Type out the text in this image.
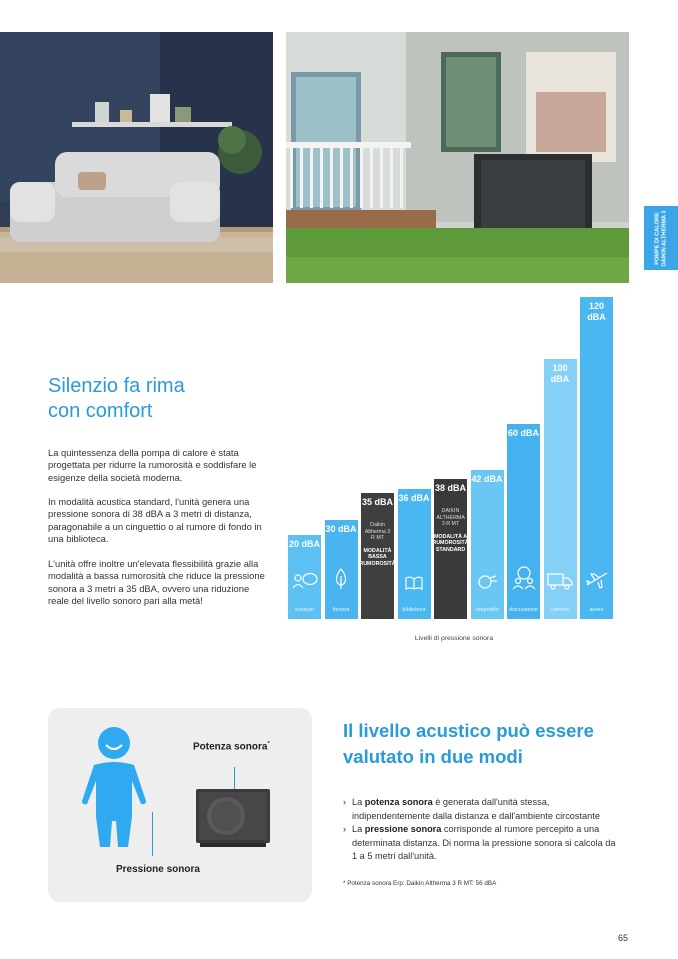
POMPE DI CALORE DAIKIN ALTHERMA 3
Silenzio fa rima
con comfort

La quintessenza della pompa di calore è stata progettata per ridurre la rumorosità e soddisfare le esigenze della società moderna.

In modalità acustica standard, l'unità genera una pressione sonora di 38 dBA a 3 metri di distanza, paragonabile a un cinguettio o al rumore di fondo in una biblioteca.

L'unità offre inoltre un'elevata flessibilità grazie alla modalità a bassa rumorosità che riduce la pressione sonora a 3 metri a 35 dBA, ovvero una riduzione reale del livello sonoro pari alla metà!

20 dBA
sussurri
30 dBA
foresta
35 dBA
Daikin Altherma 3 R MT
MODALITÀ BASSA RUMOROSITÀ
36 dBA
biblioteca
38 dBA
DAIKIN ALTHERMA 3 R MT
MODALITÀ A RUMOROSITÀ STANDARD
42 dBA
cinguettio
60 dBA
discussione
100
dBA
camion
120
dBA
aereo
Livelli di pressione sonora
Potenza sonora*
Pressione sonora
Il livello acustico può essere
valutato in due modi
› La potenza sonora è generata dall'unità stessa, indipendentemente dalla distanza e dall'ambiente circostante
› La pressione sonora corrisponde al rumore percepito a una determinata distanza. Di norma la pressione sonora si calcola da 1 a 5 metri dall'unità.
* Potenza sonora Erp: Daikin Altherma 3 R MT: 56 dBA
65
